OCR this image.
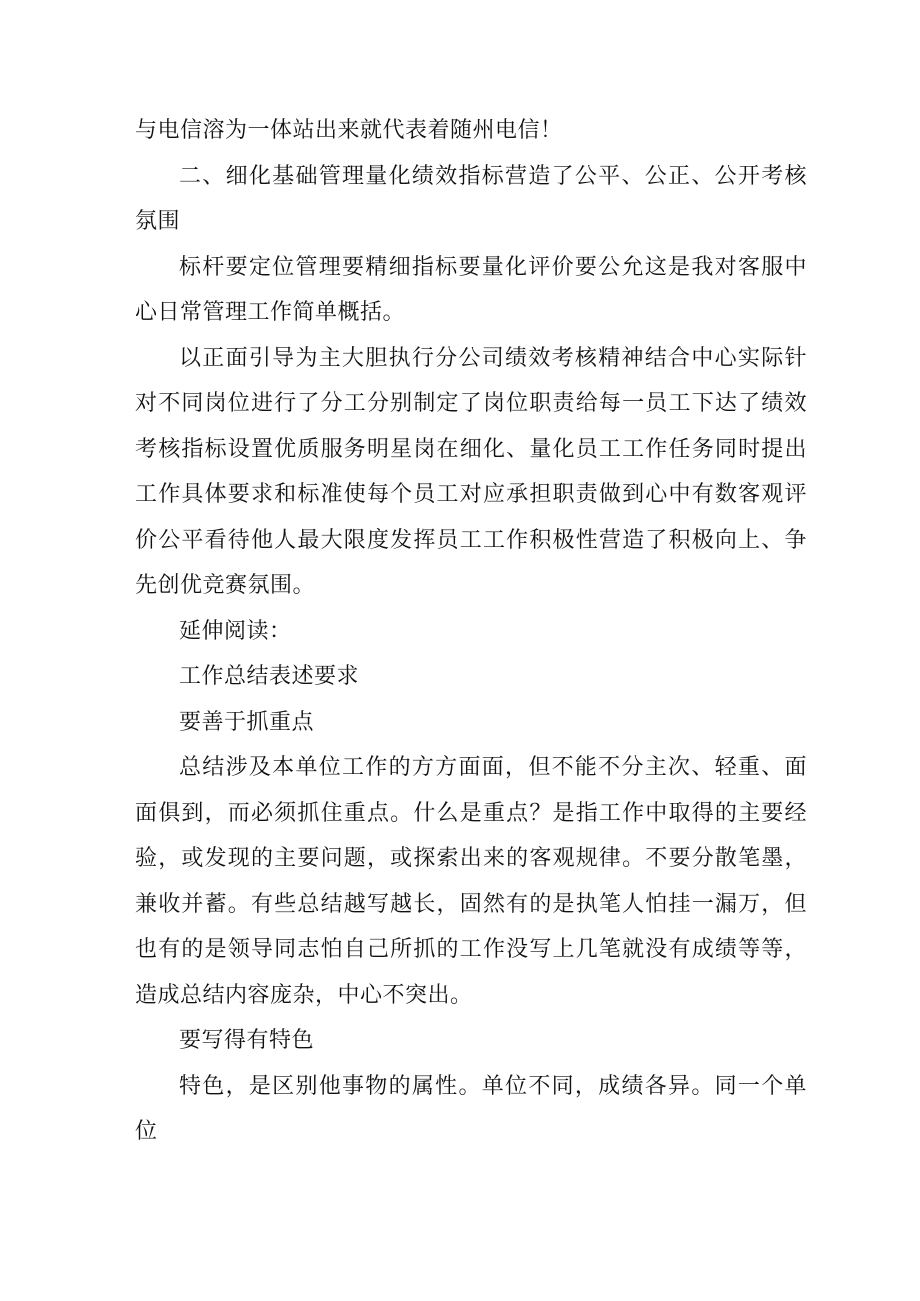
与电信溶为一体站出来就代表着随州电信！

二、细化基础管理量化绩效指标营造了公平、公正、公开考核氛围

标杆要定位管理要精细指标要量化评价要公允这是我对客服中心日常管理工作简单概括。

以正面引导为主大胆执行分公司绩效考核精神结合中心实际针对不同岗位进行了分工分别制定了岗位职责给每一员工下达了绩效考核指标设置优质服务明星岗在细化、量化员工工作任务同时提出工作具体要求和标准使每个员工对应承担职责做到心中有数客观评价公平看待他人最大限度发挥员工工作积极性营造了积极向上、争先创优竞赛氛围。

延伸阅读：

工作总结表述要求

要善于抓重点

总结涉及本单位工作的方方面面，但不能不分主次、轻重、面面俱到，而必须抓住重点。什么是重点？是指工作中取得的主要经验，或发现的主要问题，或探索出来的客观规律。不要分散笔墨，兼收并蓄。有些总结越写越长，固然有的是执笔人怕挂一漏万，但也有的是领导同志怕自己所抓的工作没写上几笔就没有成绩等等，造成总结内容庞杂，中心不突出。

要写得有特色

特色，是区别他事物的属性。单位不同，成绩各异。同一个单位
